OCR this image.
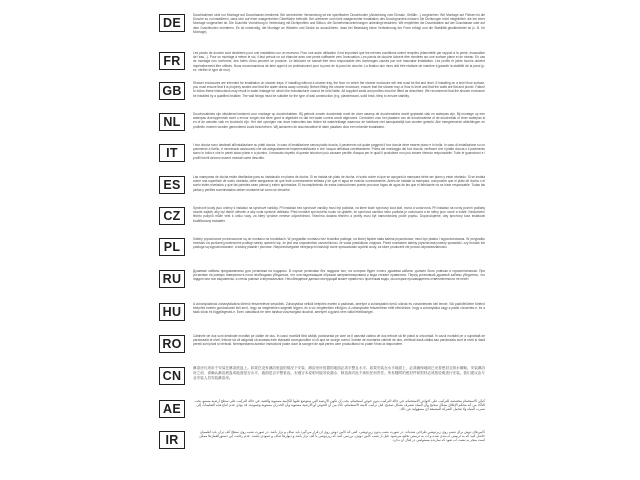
DE
Duschkabinen sind nur Montage auf Duschtassen bestimmt. Bei senkrechter Verwendung ist ein spezifischer Duschboden (Abdichtung zum Einsatz, Gefälle...) vorgesehen. Bei Montage auf Fliesen ist die Dusche so zu installieren, dass sich auf einer waagerechten Oberfläche befindet. Bei unebener und nicht waagerechter Installation des Duschgrundes müssen Sie Dichtungen nicht mitgeliefert, die bei einer Montage vorgesehen ist. Die Duschtür Vorrichtung in Verbindung mit Dichtprofilen und Silikon, die Sicherheitsvorkehrungen unbedingt beachten. Wir empfehlen die Duschkabine auf der Duschtasse oder auf dem Duschboden montieren. Es ist notwendig, die Montage an Wänden und Decke so auszuführen, dass bei Belastung keine Veränderung der Form erfolgt und die Stabilität gewährleistet ist (z. B. für Montage).
FR
Les parois de douche sont destinées pour une installation sur un receveur. Pour une autre utilisation il est important que les mêmes conditions soient remplies (étanchéité par rapport à la pente, évacuation de l'eau...). Pour un montage à même le sol, il faut prévoir un sol étanche avec une pente suffisante vers l'évacuation. Les parois de douche doivent être montées sur une surface plane et de niveau. En cas de montage non conforme, des fuites d'eau peuvent se produire. Le fabricant ne saurait être tenu responsable des dommages causés par une mauvaise installation. Les profils et joints fournis doivent impérativement être utilisés. Nous recommandons de faire appel à un professionnel pour la pose de la paroi de douche. La fixation aux murs doit être réalisée de manière à garantir la stabilité de la paroi (p. ex. vérifier le type de mur).
GB
Shower enclosures are intended for installation on shower trays. If installing without a shower tray, the floor on which the shower enclosure will rest must be flat and level. If installing on a level floor surface, you must ensure that it is properly sealed and that the water drains away correctly. Before fitting the shower enclosure, ensure that the shower tray or floor is level and that the walls are flat and plumb. Failure to follow these instructions may result in water leakage for which the manufacturer cannot be held liable. All supplied seals and profiles must be fitted as described. We recommend that the shower enclosure be installed by a qualified installer. The wall fixings must be suitable for the type of wall construction (e.g. plasterboard, solid brick, tiles) to ensure stability.
NL
Douchecabines zijn uitsluitend bestemd voor montage op douchebakken. Bij gebruik zonder douchebak moet de vloer waarop de douchecabine wordt geplaatst vlak en waterpas zijn. Bij montage op een waterpas vloeroppervlak moet u ervoor zorgen dat deze goed is afgedicht en dat het water correct wordt afgevoerd. Controleer voor het plaatsen van de douchecabine of de douchebak of vloer waterpas is en of de wanden vlak en loodrecht zijn. Het niet opvolgen van deze instructies kan leiden tot waterlekkage waarvoor de fabrikant niet aansprakelijk kan worden gesteld. Alle meegeleverde afdichtingen en profielen moeten worden gemonteerd zoals beschreven. Wij adviseren de douchecabine te laten plaatsen door een erkende installateur.
IT
I box doccia sono destinati all'installazione su piatti doccia. In caso di installazione senza piatto doccia, il pavimento sul quale poggerà il box doccia deve essere piano e in bolla. In caso di installazione su un pavimento a livello, è necessario assicurarsi che sia adeguatamente impermeabilizzato e che l'acqua defluisca correttamente. Prima del montaggio del box doccia, verificare che il piatto doccia o il pavimento siano in bolla e che le pareti siano piane e a piombo. Il mancato rispetto di queste istruzioni può causare perdite d'acqua per le quali il produttore non può essere ritenuto responsabile. Tutte le guarnizioni e i profili forniti devono essere montati come descritto.
ES
Las mamparas de ducha están diseñadas para su instalación en platos de ducha. Si se instala sin plato de ducha, el suelo sobre el que se apoyará la mampara debe ser plano y estar nivelado. Si se instala sobre una superficie de suelo nivelada, debe asegurarse de que esté correctamente sellada y de que el agua se evacúe correctamente. Antes de instalar la mampara, compruebe que el plato de ducha o el suelo estén nivelados y que las paredes sean planas y estén aplomadas. El incumplimiento de estas instrucciones puede provocar fugas de agua de las que el fabricante no se hace responsable. Todas las juntas y perfiles suministrados deben montarse tal como se describe.
CZ
Sprchové kouty jsou určeny k instalaci na sprchové vaničky. Při instalaci bez sprchové vaničky musí být podlaha, na které bude sprchový kout stát, rovná a vodorovná. Při instalaci na rovný povrch podlahy musíte zajistit, aby byl řádně utěsněn a aby voda správně odtékala. Před montáží sprchového koutu se ujistěte, že sprchová vanička nebo podlaha je vodorovná a že stěny jsou rovné a svislé. Nedodržení těchto pokynů může vést k úniku vody, za který výrobce nenese odpovědnost. Všechna dodaná těsnění a profily musí být namontovány podle popisu. Doporučujeme, aby sprchový kout instaloval kvalifikovaný instalatér.
PL
Kabiny prysznicowe przeznaczone są do montażu na brodzikach. W przypadku montażu bez brodzika podłoga, na której będzie stała kabina prysznicowa, musi być płaska i wypoziomowana. W przypadku montażu na poziomej powierzchni podłogi należy upewnić się, że jest ona odpowiednio uszczelniona i że woda prawidłowo odpływa. Przed montażem kabiny prysznicowej należy sprawdzić, czy brodzik lub podłoga są wypoziomowane, a ściany płaskie i pionowe. Nieprzestrzeganie niniejszych instrukcji może spowodować wycieki wody, za które producent nie ponosi odpowiedzialności.
RU
Душевые кабины предназначены для установки на поддоны. В случае установки без поддона пол, на котором будет стоять душевая кабина, должен быть ровным и горизонтальным. При установке на ровную поверхность пола необходимо убедиться, что она надлежащим образом загерметизирована и вода стекает правильно. Перед установкой душевой кабины убедитесь, что поддон или пол выровнены, а стены ровные и вертикальные. Несоблюдение данных инструкций может привести к протечкам воды, за которые производитель ответственности не несёт.
HU
A zuhanykabinok zuhanytálcákra történő felszerelésre készültek. Zuhanytálca nélküli beépítés esetén a padlónak, amelyre a zuhanykabin kerül, síknak és vízszintesnek kell lennie. Sík padlófelületre történő beépítés esetén gondoskodni kell arról, hogy az megfelelően szigetelt legyen, és a víz megfelelően elfolyjon. A zuhanykabin felszerelése előtt ellenőrizze, hogy a zuhanytálca vagy a padló vízszintes-e, és a falak síkok és függőlegesek-e. Ezen utasítások be nem tartása vízszivárgást okozhat, amelyért a gyártó nem vállal felelősséget.
RO
Cabinele de duș sunt destinate montării pe cădițe de duș. În cazul montării fără cădiță, pardoseala pe care va fi așezată cabina de duș trebuie să fie plană și orizontală. În cazul montării pe o suprafață de pardoseală la nivel, trebuie să vă asigurați că aceasta este etanșată corespunzător și că apa se scurge corect. Înainte de montarea cabinei de duș, verificați dacă cădița sau pardoseala sunt la nivel și dacă pereții sunt plani și verticali. Nerespectarea acestor instrucțiuni poate duce la scurgeri de apă pentru care producătorul nu poate fi tras la răspundere.
CN
淋浴房仅适用于安装在淋浴底盘上。如果在没有淋浴底盘的情况下安装，淋浴房所放置的地面必须平整且水平。如果安装在水平地面上，必须确保地面已妥善密封且排水顺畅。安装淋浴房之前，请确认淋浴底盘或地面是否水平，墙面是否平整垂直。未遵守本说明可能导致漏水，制造商对此不承担任何责任。所有随附的密封件和型材必须按说明进行安装。我们建议由专业安装人员安装淋浴房。
AE
كبائن الاستحمام مخصصة للتركيب على أحواض الاستحمام. في حالة التركيب بدون حوض استحمام، يجب أن تكون الأرضية التي ستوضع عليها الكابينة مستوية وأفقية. في حالة التركيب على سطح أرضية مستوٍ، يجب التأكد من أنه محكم الإغلاق بشكل صحيح وأن المياه تتصرف بشكل صحيح. قبل تركيب كابينة الاستحمام، تأكد من أن الحوض أو الأرضية مستوية وأن الجدران مستوية وعمودية. قد يؤدي عدم اتباع هذه التعليمات إلى تسرب المياه ولا تتحمل الشركة المصنعة أي مسؤولية عن ذلك.
IR
کابین‌های دوش برای نصب روی زیردوشی طراحی شده‌اند. در صورت نصب بدون زیردوشی، کفی که کابین دوش روی آن قرار می‌گیرد باید صاف و تراز باشد. در صورت نصب روی سطح کف تراز، باید اطمینان حاصل کنید که به درستی آب‌بندی شده و آب به درستی تخلیه می‌شود. قبل از نصب کابین دوش، بررسی کنید که زیردوشی یا کف تراز باشد و دیوارها صاف و عمودی باشند. عدم رعایت این دستورالعمل‌ها ممکن است منجر به نشت آب شود که سازنده مسئولیتی در قبال آن ندارد.
